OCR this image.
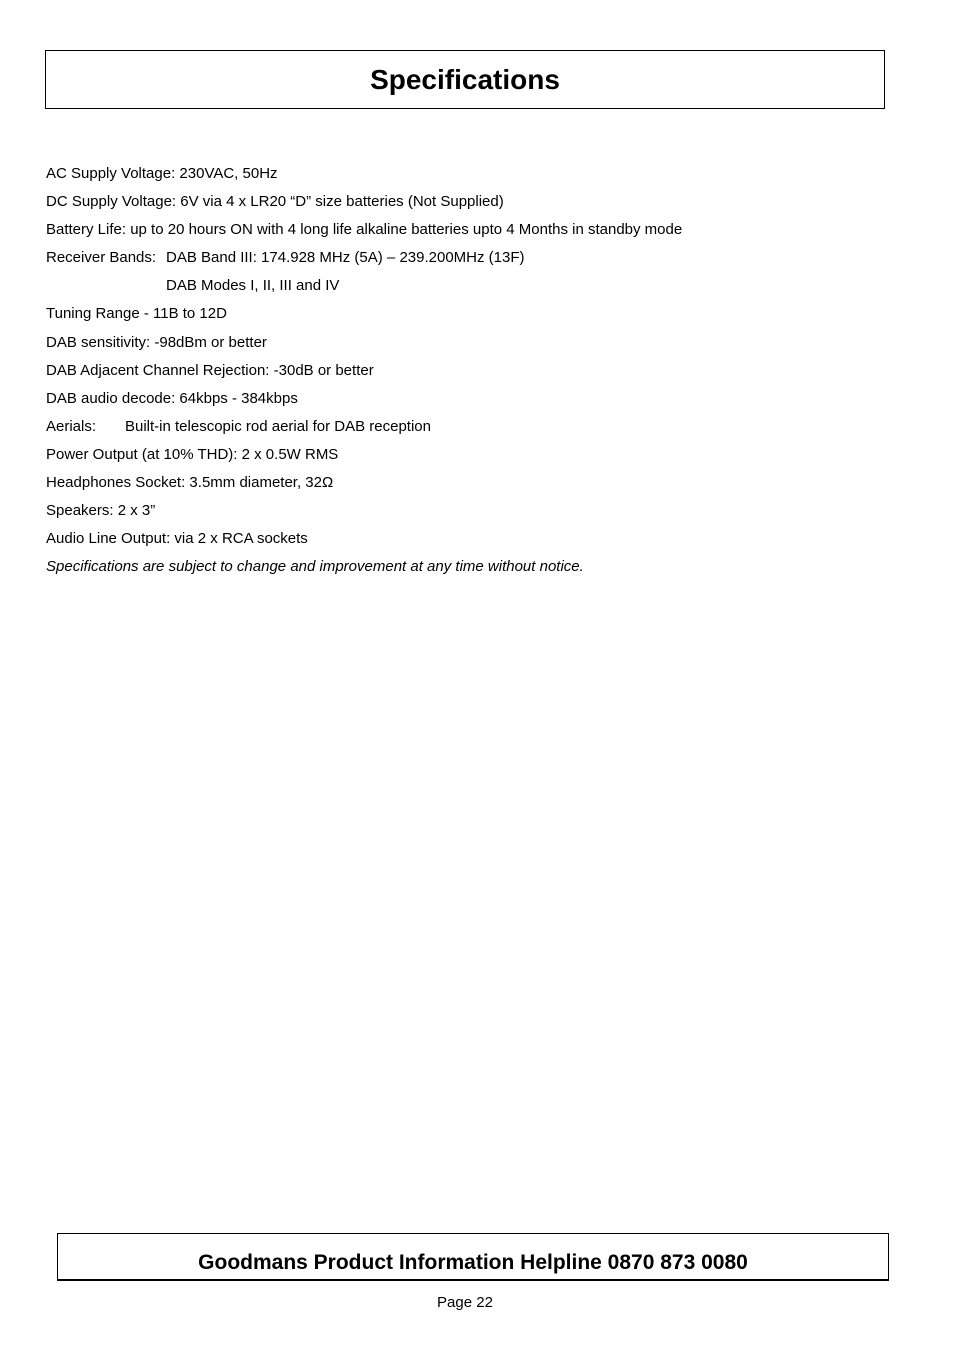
Specifications
AC Supply Voltage: 230VAC, 50Hz
DC Supply Voltage: 6V via 4 x LR20 “D” size batteries (Not Supplied)
Battery Life: up to 20 hours ON with 4 long life alkaline batteries upto 4 Months in standby mode
Receiver Bands: DAB Band III: 174.928 MHz (5A) – 239.200MHz (13F)
DAB Modes I, II, III and IV
Tuning Range - 11B to 12D
DAB sensitivity: -98dBm or better
DAB Adjacent Channel Rejection: -30dB or better
DAB audio decode: 64kbps - 384kbps
Aerials: Built-in telescopic rod aerial for DAB reception
Power Output (at 10% THD): 2 x 0.5W RMS
Headphones Socket: 3.5mm diameter, 32Ω
Speakers: 2 x 3”
Audio Line Output: via 2 x RCA sockets
Specifications are subject to change and improvement at any time without notice.
Goodmans Product Information Helpline 0870 873 0080
Page 22
